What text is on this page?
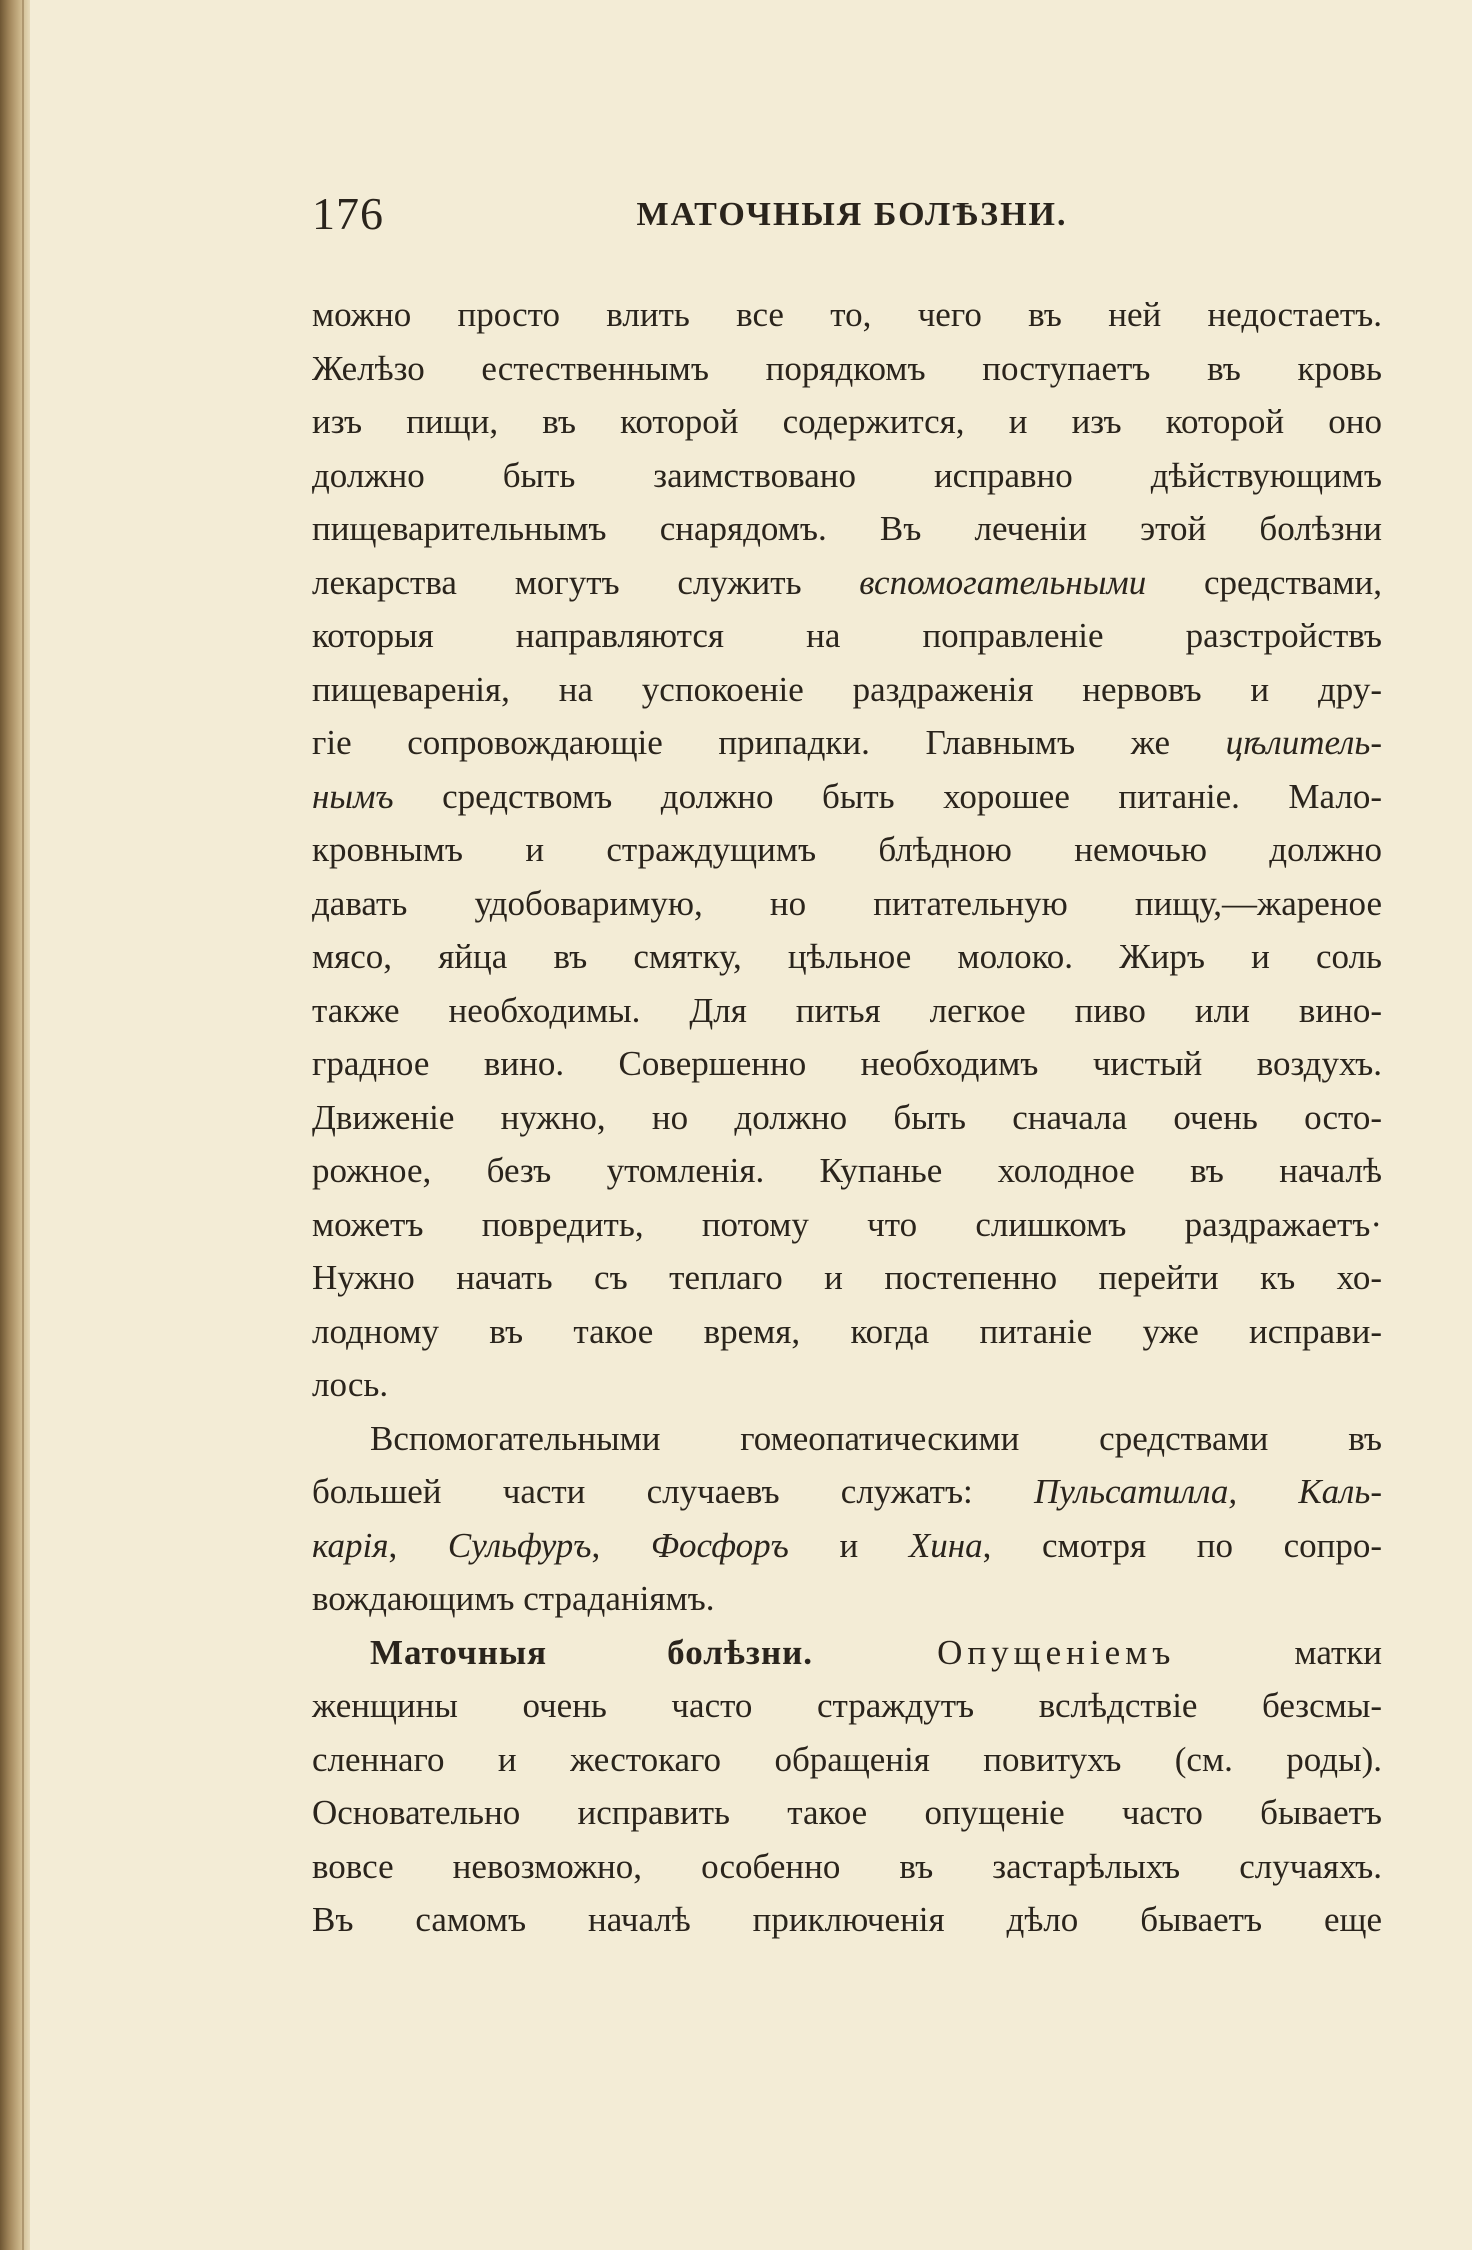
176	МАТОЧНЫЯ БОЛѢЗНИ.
можно просто влить все то, чего въ ней недостаетъ.
Желѣзо естественнымъ порядкомъ поступаетъ въ кровь
изъ пищи, въ которой содержится, и изъ которой оно
должно быть заимствовано исправно дѣйствующимъ
пищеварительнымъ снарядомъ. Въ леченіи этой болѣзни
лекарства могутъ служить вспомогательными средствами,
которыя направляются на поправленіе разстройствъ
пищеваренія, на успокоеніе раздраженія нервовъ и дру-
гіе сопровождающіе припадки. Главнымъ же цѣлитель-
нымъ средствомъ должно быть хорошее питаніе. Мало-
кровнымъ и страждущимъ блѣдною немочью должно
давать удобоваримую, но питательную пищу,—жареное
мясо, яйца въ смятку, цѣльное молоко. Жиръ и соль
также необходимы. Для питья легкое пиво или вино-
градное вино. Совершенно необходимъ чистый воздухъ.
Движеніе нужно, но должно быть сначала очень осто-
рожное, безъ утомленія. Купанье холодное въ началѣ
можетъ повредить, потому что слишкомъ раздражаетъ·
Нужно начать съ теплаго и постепенно перейти къ хо-
лодному въ такое время, когда питаніе уже исправи-
лось.
Вспомогательными гомеопатическими средствами въ
большей части случаевъ служатъ: Пульсатилла, Каль-
карія, Сульфуръ, Фосфоръ и Хина, смотря по сопро-
вождающимъ страданіямъ.
Маточныя болѣзни. Опущеніемъ матки
женщины очень часто страждутъ вслѣдствіе безсмы-
сленнаго и жестокаго обращенія повитухъ (см. роды).
Основательно исправить такое опущеніе часто бываетъ
вовсе невозможно, особенно въ застарѣлыхъ случаяхъ.
Въ самомъ началѣ приключенія дѣло бываетъ еще
